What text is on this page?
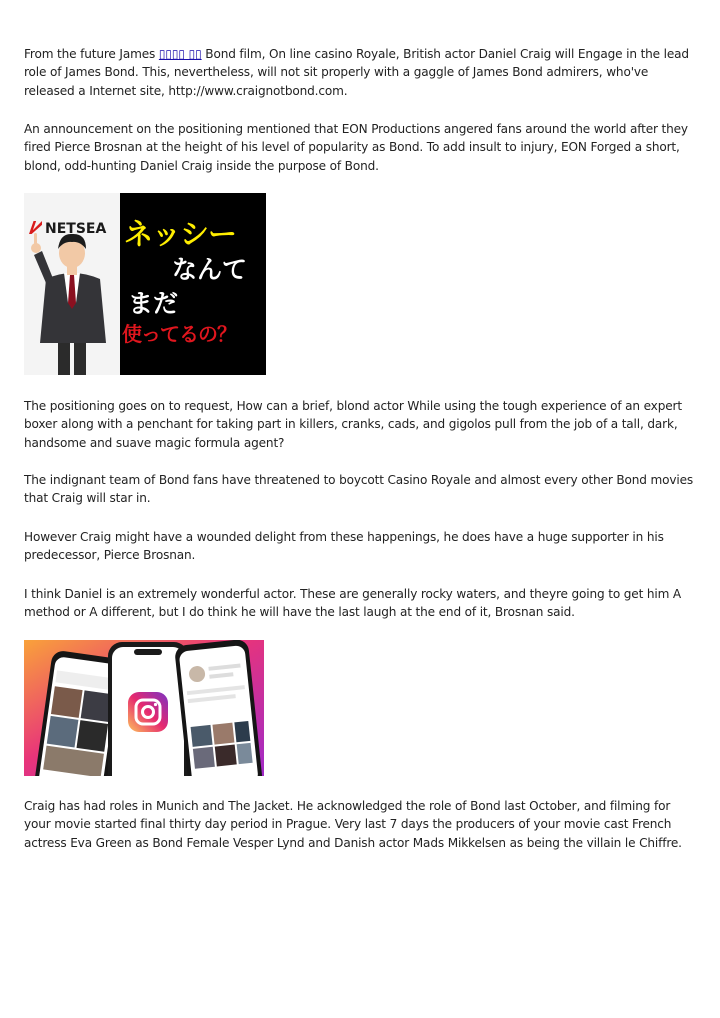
From the future James ▯▯▯▯ ▯▯ Bond film, On line casino Royale, British actor Daniel Craig will Engage in the lead role of James Bond. This, nevertheless, will not sit properly with a gaggle of James Bond admirers, who've released a Internet site, http://www.craignotbond.com.

An announcement on the positioning mentioned that EON Productions angered fans around the world after they fired Pierce Brosnan at the height of his level of popularity as Bond. To add insult to injury, EON Forged a short, blond, odd-hunting Daniel Craig inside the purpose of Bond.

NETSEA ネッシー
なんて
まだ
使ってるの？

The positioning goes on to request, How can a brief, blond actor While using the tough experience of an expert boxer along with a penchant for taking part in killers, cranks, cads, and gigolos pull from the job of a tall, dark, handsome and suave magic formula agent?

The indignant team of Bond fans have threatened to boycott Casino Royale and almost every other Bond movies that Craig will star in.

However Craig might have a wounded delight from these happenings, he does have a huge supporter in his predecessor, Pierce Brosnan.

I think Daniel is an extremely wonderful actor. These are generally rocky waters, and theyre going to get him A method or A different, but I do think he will have the last laugh at the end of it, Brosnan said.

Craig has had roles in Munich and The Jacket. He acknowledged the role of Bond last October, and filming for your movie started final thirty day period in Prague. Very last 7 days the producers of your movie cast French actress Eva Green as Bond Female Vesper Lynd and Danish actor Mads Mikkelsen as being the villain le Chiffre.
